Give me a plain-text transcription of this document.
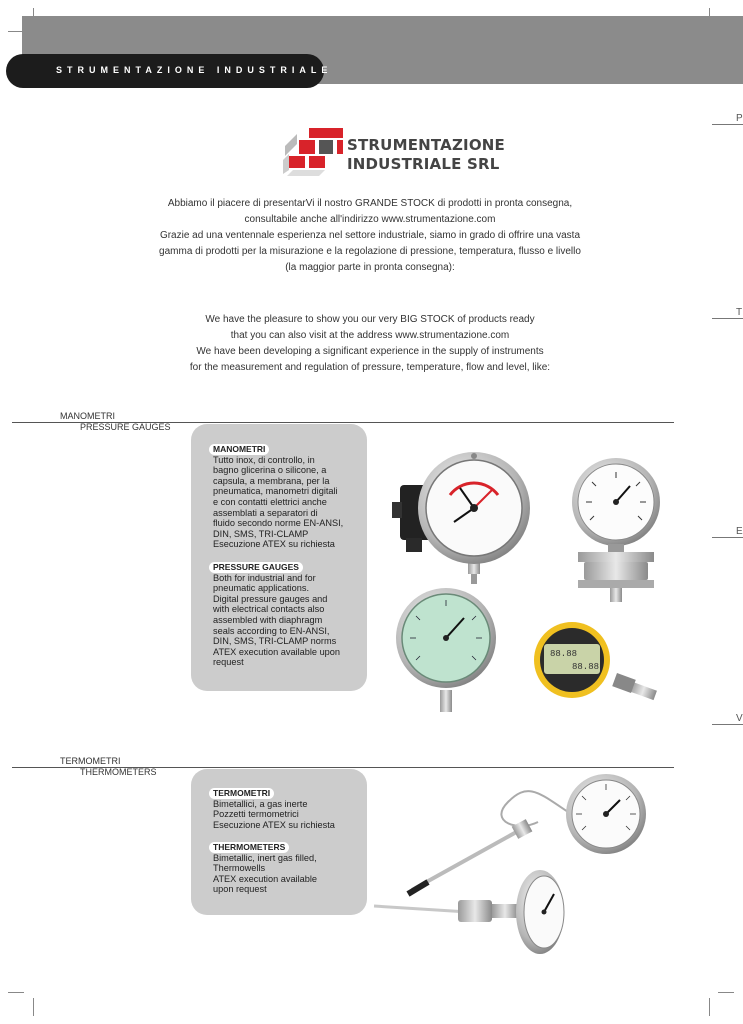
STRUMENTAZIONE INDUSTRIALE
P
T
E
V
STRUMENTAZIONE
INDUSTRIALE SRL
Abbiamo il piacere di presentarVi il nostro GRANDE STOCK di prodotti in pronta consegna,
consultabile anche all'indirizzo www.strumentazione.com
Grazie ad una ventennale esperienza nel settore industriale, siamo in grado di offrire una vasta
gamma di prodotti per la misurazione e la regolazione di pressione, temperatura, flusso e livello
(la maggior parte in pronta consegna):
We have the pleasure to show you our very BIG STOCK of products ready
that you can also visit at the address www.strumentazione.com
We have been developing a significant experience in the supply of instruments
for the measurement and regulation of pressure, temperature, flow and level, like:
MANOMETRI
PRESSURE GAUGES
MANOMETRI
Tutto inox, di controllo, in
bagno glicerina o silicone, a
capsula, a membrana, per la
pneumatica, manometri digitali
e con contatti elettrici anche
assemblati a separatori di
fluido secondo norme EN-ANSI,
DIN, SMS, TRI-CLAMP
Esecuzione ATEX su richiesta
PRESSURE GAUGES
Both for industrial and for
pneumatic applications.
Digital pressure gauges and
with electrical contacts also
assembled with diaphragm
seals according to EN-ANSI,
DIN, SMS, TRI-CLAMP norms
ATEX execution available upon
request
88.88
88.88
TERMOMETRI
THERMOMETERS
TERMOMETRI
Bimetallici, a gas inerte
Pozzetti termometrici
Esecuzione ATEX su richiesta
THERMOMETERS
Bimetallic, inert gas filled,
Thermowells
ATEX execution available
upon request
